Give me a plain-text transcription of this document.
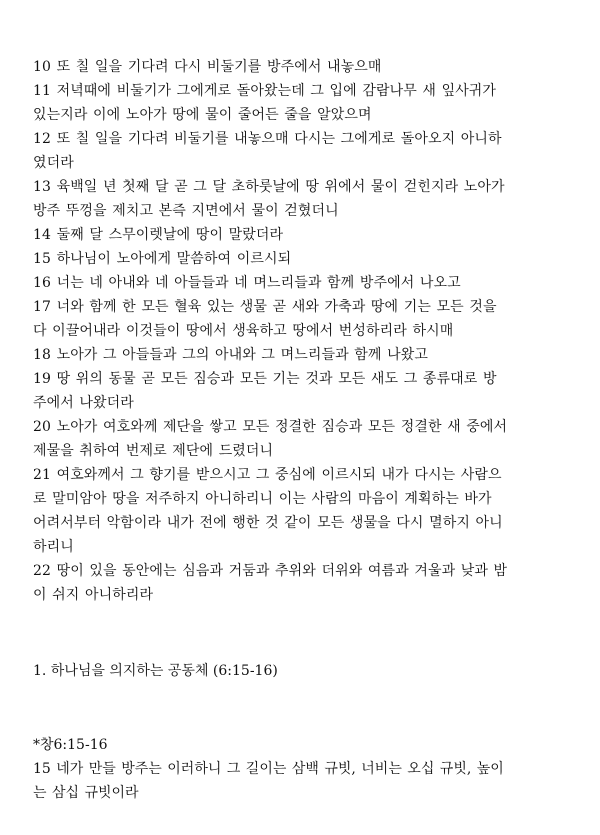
10 또 칠 일을 기다려 다시 비둘기를 방주에서 내놓으매
11 저녁때에 비둘기가 그에게로 돌아왔는데 그 입에 감람나무 새 잎사귀가
있는지라 이에 노아가 땅에 물이 줄어든 줄을 알았으며
12 또 칠 일을 기다려 비둘기를 내놓으매 다시는 그에게로 돌아오지 아니하
였더라
13 육백일 년 첫째 달 곧 그 달 초하룻날에 땅 위에서 물이 걷힌지라 노아가
방주 뚜껑을 제치고 본즉 지면에서 물이 걷혔더니
14 둘째 달 스무이렛날에 땅이 말랐더라
15 하나님이 노아에게 말씀하여 이르시되
16 너는 네 아내와 네 아들들과 네 며느리들과 함께 방주에서 나오고
17 너와 함께 한 모든 혈육 있는 생물 곧 새와 가축과 땅에 기는 모든 것을
다 이끌어내라 이것들이 땅에서 생육하고 땅에서 번성하리라 하시매
18 노아가 그 아들들과 그의 아내와 그 며느리들과 함께 나왔고
19 땅 위의 동물 곧 모든 짐승과 모든 기는 것과 모든 새도 그 종류대로 방
주에서 나왔더라
20 노아가 여호와께 제단을 쌓고 모든 정결한 짐승과 모든 정결한 새 중에서
제물을 취하여 번제로 제단에 드렸더니
21 여호와께서 그 향기를 받으시고 그 중심에 이르시되 내가 다시는 사람으
로 말미암아 땅을 저주하지 아니하리니 이는 사람의 마음이 계획하는 바가
어려서부터 악함이라 내가 전에 행한 것 같이 모든 생물을 다시 멸하지 아니
하리니
22 땅이 있을 동안에는 심음과 거둠과 추위와 더위와 여름과 겨울과 낮과 밤
이 쉬지 아니하리라
1. 하나님을 의지하는 공동체 (6:15-16)
*창6:15-16
15 네가 만들 방주는 이러하니 그 길이는 삼백 규빗, 너비는 오십 규빗, 높이
는 삼십 규빗이라
